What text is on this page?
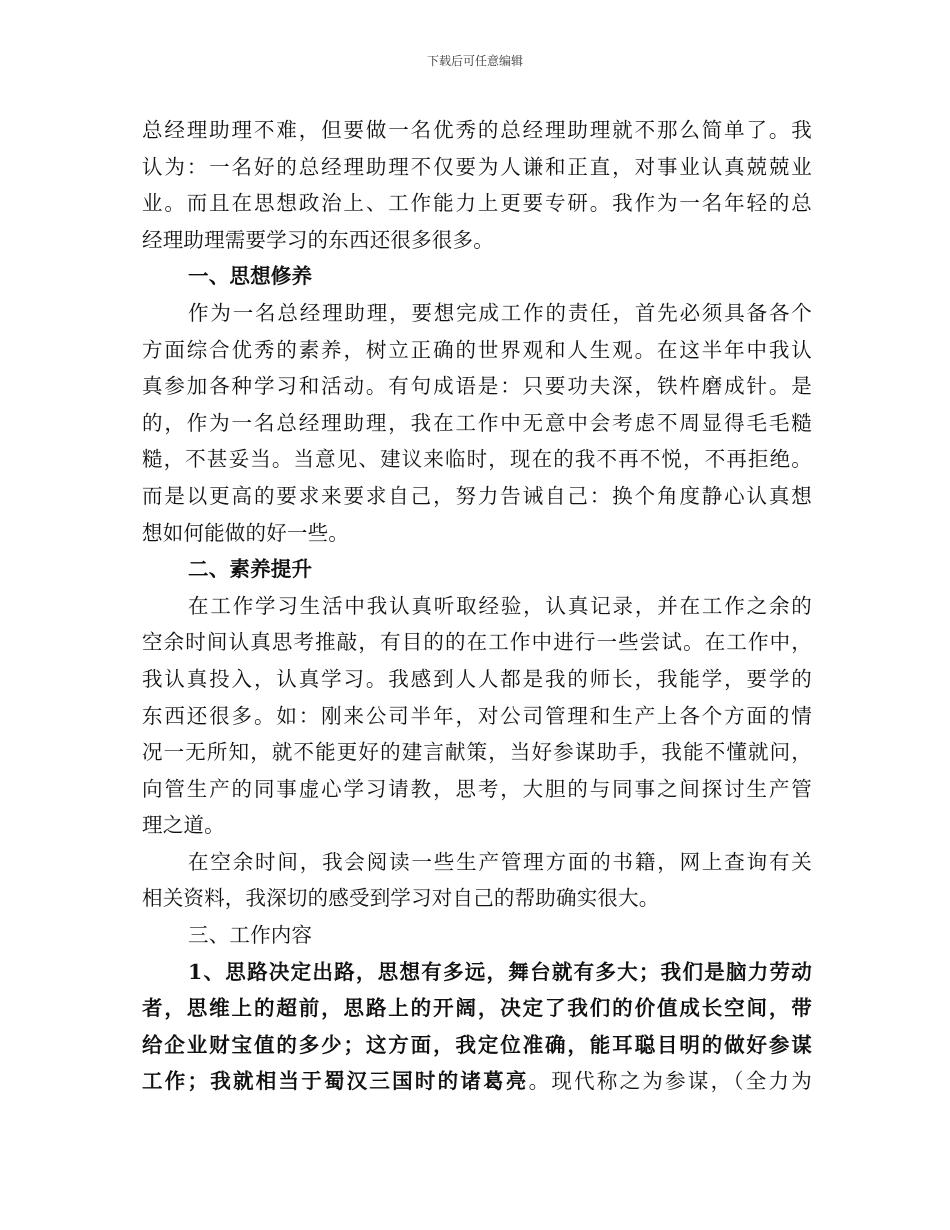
下载后可任意编辑

总经理助理不难，但要做一名优秀的总经理助理就不那么简单了。我

认为：一名好的总经理助理不仅要为人谦和正直，对事业认真兢兢业

业。而且在思想政治上、工作能力上更要专研。我作为一名年轻的总

经理助理需要学习的东西还很多很多。

一、思想修养

作为一名总经理助理，要想完成工作的责任，首先必须具备各个

方面综合优秀的素养，树立正确的世界观和人生观。在这半年中我认

真参加各种学习和活动。有句成语是：只要功夫深，铁杵磨成针。是

的，作为一名总经理助理，我在工作中无意中会考虑不周显得毛毛糙

糙，不甚妥当。当意见、建议来临时，现在的我不再不悦，不再拒绝。

而是以更高的要求来要求自己，努力告诫自己：换个角度静心认真想

想如何能做的好一些。

二、素养提升

在工作学习生活中我认真听取经验，认真记录，并在工作之余的

空余时间认真思考推敲，有目的的在工作中进行一些尝试。在工作中，

我认真投入，认真学习。我感到人人都是我的师长，我能学，要学的

东西还很多。如：刚来公司半年，对公司管理和生产上各个方面的情

况一无所知，就不能更好的建言献策，当好参谋助手，我能不懂就问，

向管生产的同事虚心学习请教，思考，大胆的与同事之间探讨生产管

理之道。

在空余时间，我会阅读一些生产管理方面的书籍，网上查询有关

相关资料，我深切的感受到学习对自己的帮助确实很大。

三、工作内容

1、思路决定出路，思想有多远，舞台就有多大；我们是脑力劳动

者，思维上的超前，思路上的开阔，决定了我们的价值成长空间，带

给企业财宝值的多少；这方面，我定位准确，能耳聪目明的做好参谋

工作；我就相当于蜀汉三国时的诸葛亮。现代称之为参谋，（全力为
